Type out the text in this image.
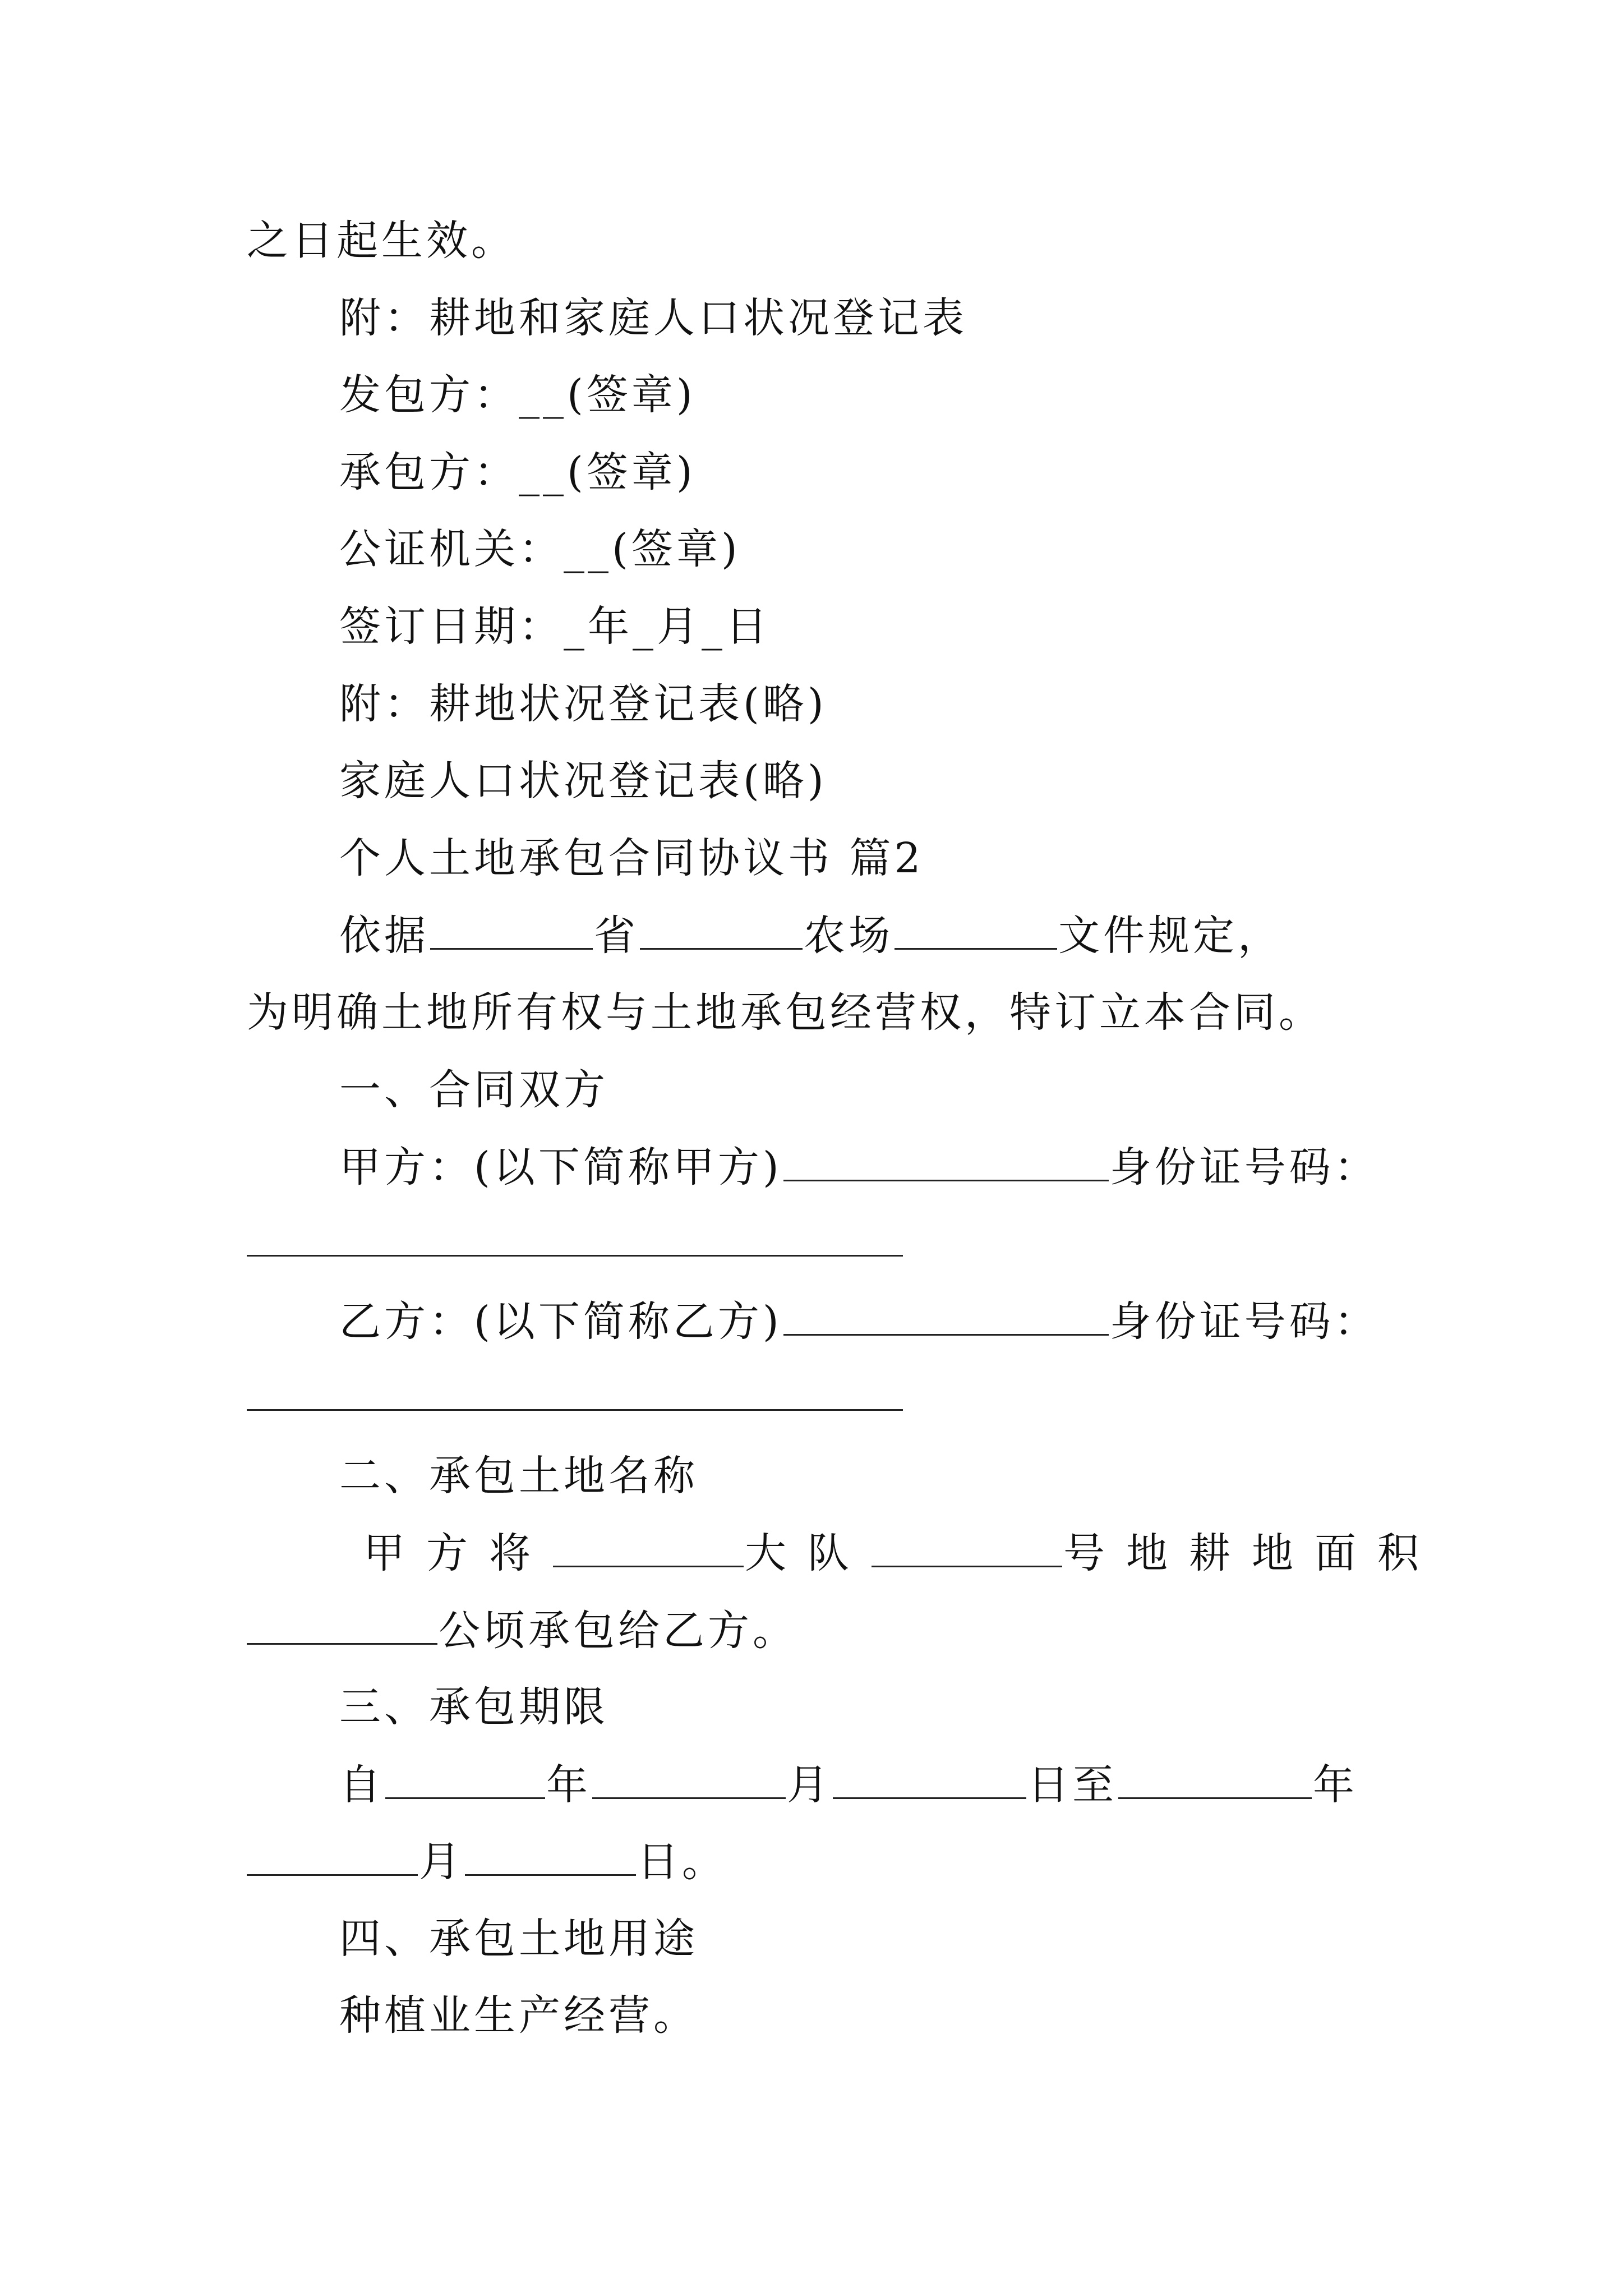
之日起生效。
附：耕地和家庭人口状况登记表
发包方：__(签章)
承包方：__(签章)
公证机关：__(签章)
签订日期：_年_月_日
附：耕地状况登记表(略)
家庭人口状况登记表(略)
个人土地承包合同协议书 篇2
依据	省	农场	文件规定，
为明确土地所有权与土地承包经营权，特订立本合同。
一、合同双方
甲方：(以下简称甲方)	身份证号码：
乙方：(以下简称乙方)	身份证号码：
二、承包土地名称
甲方将	大队	号地耕地面积
公顷承包给乙方。
三、承包期限
自	年	月	日至	年
月	日。
四、承包土地用途
种植业生产经营。
